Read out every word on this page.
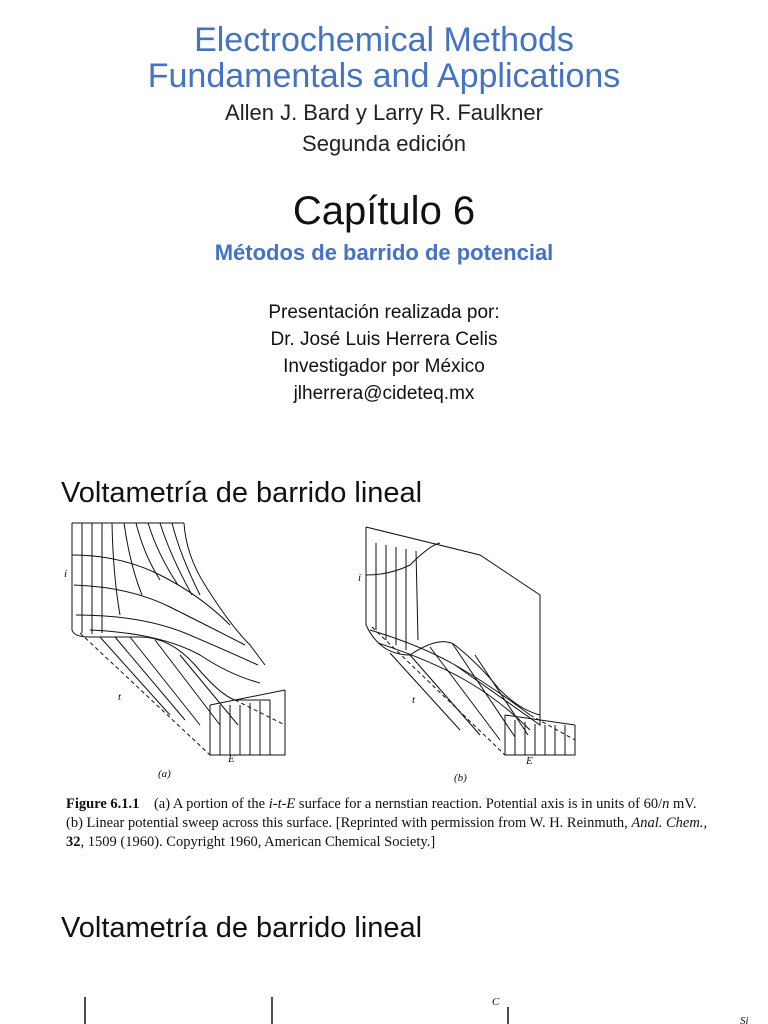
Electrochemical Methods
Fundamentals and Applications
Allen J. Bard y Larry R. Faulkner
Segunda edición
Capítulo 6
Métodos de barrido de potencial
Presentación realizada por:
Dr. José Luis Herrera Celis
Investigador por México
jlherrera@cideteq.mx
Voltametría de barrido lineal
i
t
E
(a)
i
t
E
(b)
Figure 6.1.1 (a) A portion of the i-t-E surface for a nernstian reaction. Potential axis is in units of 60/n mV. (b) Linear potential sweep across this surface. [Reprinted with permission from W. H. Reinmuth, Anal. Chem., 32, 1509 (1960). Copyright 1960, American Chemical Society.]
Voltametría de barrido lineal
C
Si
